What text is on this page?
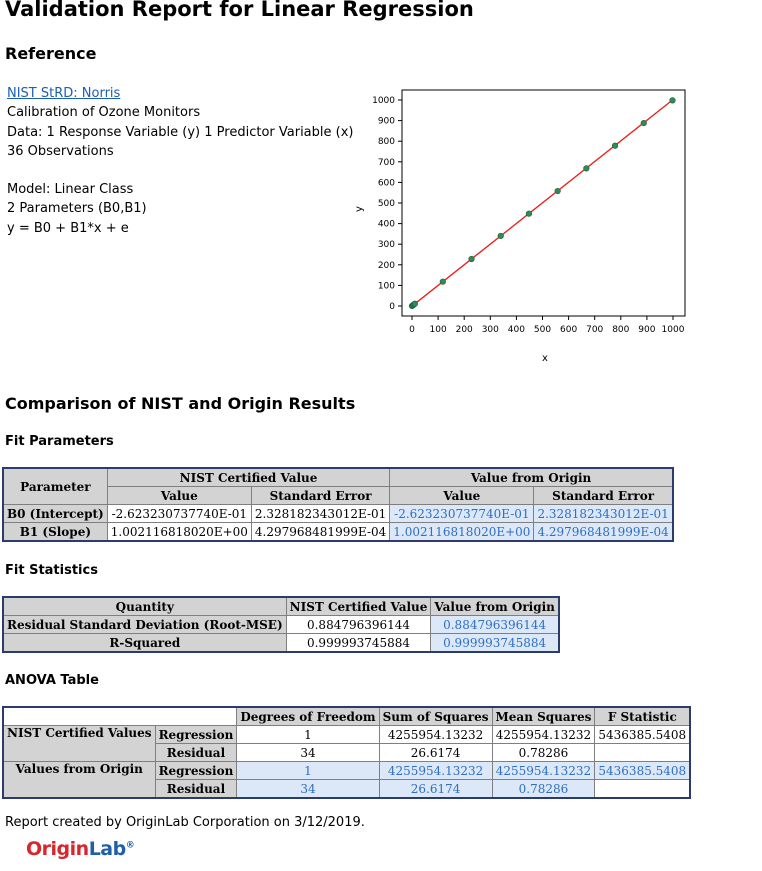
Validation Report for Linear Regression
Reference
NIST StRD: Norris
Calibration of Ozone Monitors
Data: 1 Response Variable (y) 1 Predictor Variable (x)
36 Observations
Model: Linear Class
2 Parameters (B0,B1)
y = B0 + B1*x + e
0
100
200
300
400
500
600
700
800
900
1000
0 100 200 300 400 500 600 700 800 900 1000
x
y
Comparison of NIST and Origin Results
Fit Parameters
Parameter	NIST Certified Value		Value from Origin	
	Value	Standard Error	Value	Standard Error
B0 (Intercept)	-2.623230737740E-01	2.328182343012E-01	-2.623230737740E-01	2.328182343012E-01
B1 (Slope)	1.002116818020E+00	4.297968481999E-04	1.002116818020E+00	4.297968481999E-04
Fit Statistics
Quantity	NIST Certified Value	Value from Origin
Residual Standard Deviation (Root-MSE)	0.884796396144	0.884796396144
R-Squared	0.999993745884	0.999993745884
ANOVA Table
		Degrees of Freedom	Sum of Squares	Mean Squares	F Statistic
NIST Certified Values	Regression	1	4255954.13232	4255954.13232	5436385.5408
	Residual	34	26.6174	0.78286	
Values from Origin	Regression	1	4255954.13232	4255954.13232	5436385.5408
	Residual	34	26.6174	0.78286	
Report created by OriginLab Corporation on 3/12/2019.
OriginLab®
